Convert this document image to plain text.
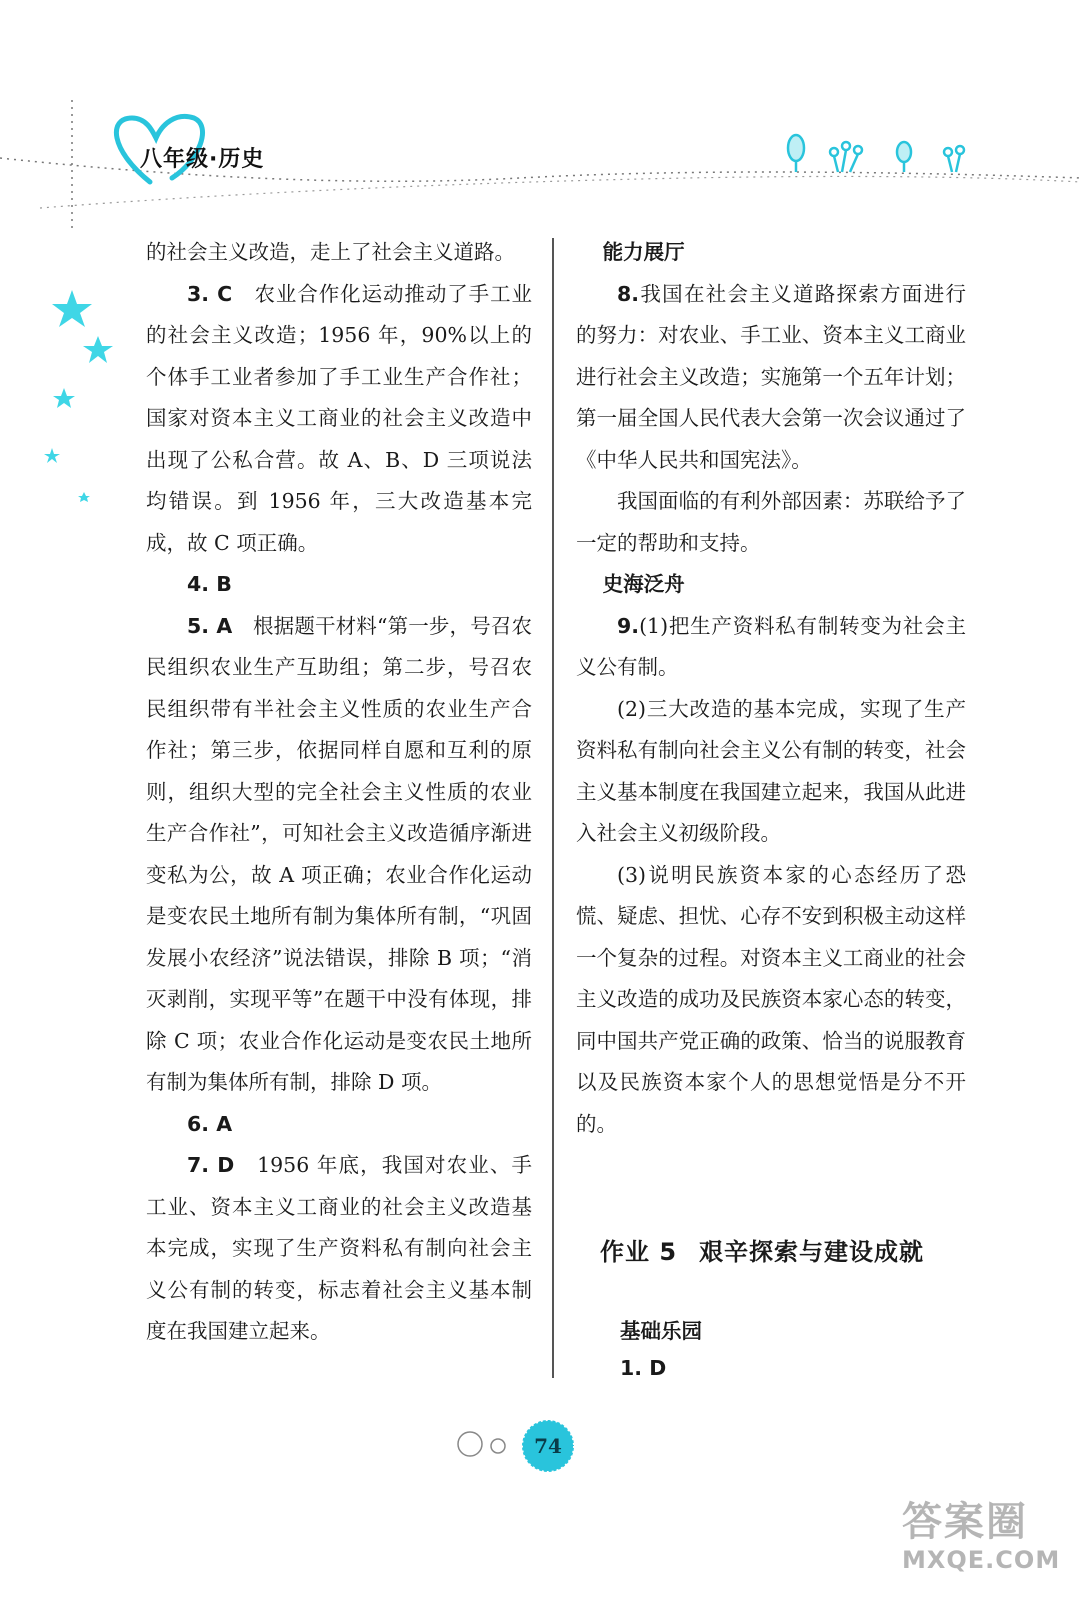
八年级·历史

的社会主义改造，走上了社会主义道路。

3. C　 农业合作化运动推动了手工业的社会主义改造；1956 年，90%以上的个体手工业者参加了手工业生产合作社；国家对资本主义工商业的社会主义改造中出现了公私合营。故 A、B、D 三项说法均错误。到 1956 年，三大改造基本完成，故 C 项正确。

4. B

5. A　 根据题干材料“第一步，号召农民组织农业生产互助组；第二步，号召农民组织带有半社会主义性质的农业生产合作社；第三步，依据同样自愿和互利的原则，组织大型的完全社会主义性质的农业生产合作社”，可知社会主义改造循序渐进变私为公，故 A 项正确；农业合作化运动是变农民土地所有制为集体所有制，“巩固发展小农经济”说法错误，排除 B 项；“消灭剥削，实现平等”在题干中没有体现，排除 C 项；农业合作化运动是变农民土地所有制为集体所有制，排除 D 项。

6. A

7. D　 1956 年底，我国对农业、手工业、资本主义工商业的社会主义改造基本完成，实现了生产资料私有制向社会主义公有制的转变，标志着社会主义基本制度在我国建立起来。

能力展厅

8.我国在社会主义道路探索方面进行的努力：对农业、手工业、资本主义工商业进行社会主义改造；实施第一个五年计划；第一届全国人民代表大会第一次会议通过了《中华人民共和国宪法》。

我国面临的有利外部因素：苏联给予了一定的帮助和支持。

史海泛舟

9.(1)把生产资料私有制转变为社会主义公有制。

(2)三大改造的基本完成，实现了生产资料私有制向社会主义公有制的转变，社会主义基本制度在我国建立起来，我国从此进入社会主义初级阶段。

(3)说明民族资本家的心态经历了恐慌、疑虑、担忧、心存不安到积极主动这样一个复杂的过程。对资本主义工商业的社会主义改造的成功及民族资本家心态的转变，同中国共产党正确的政策、恰当的说服教育以及民族资本家个人的思想觉悟是分不开的。

作业 5 艰辛探索与建设成就
基础乐园
1. D
74
答案圈
MXQE.COM
